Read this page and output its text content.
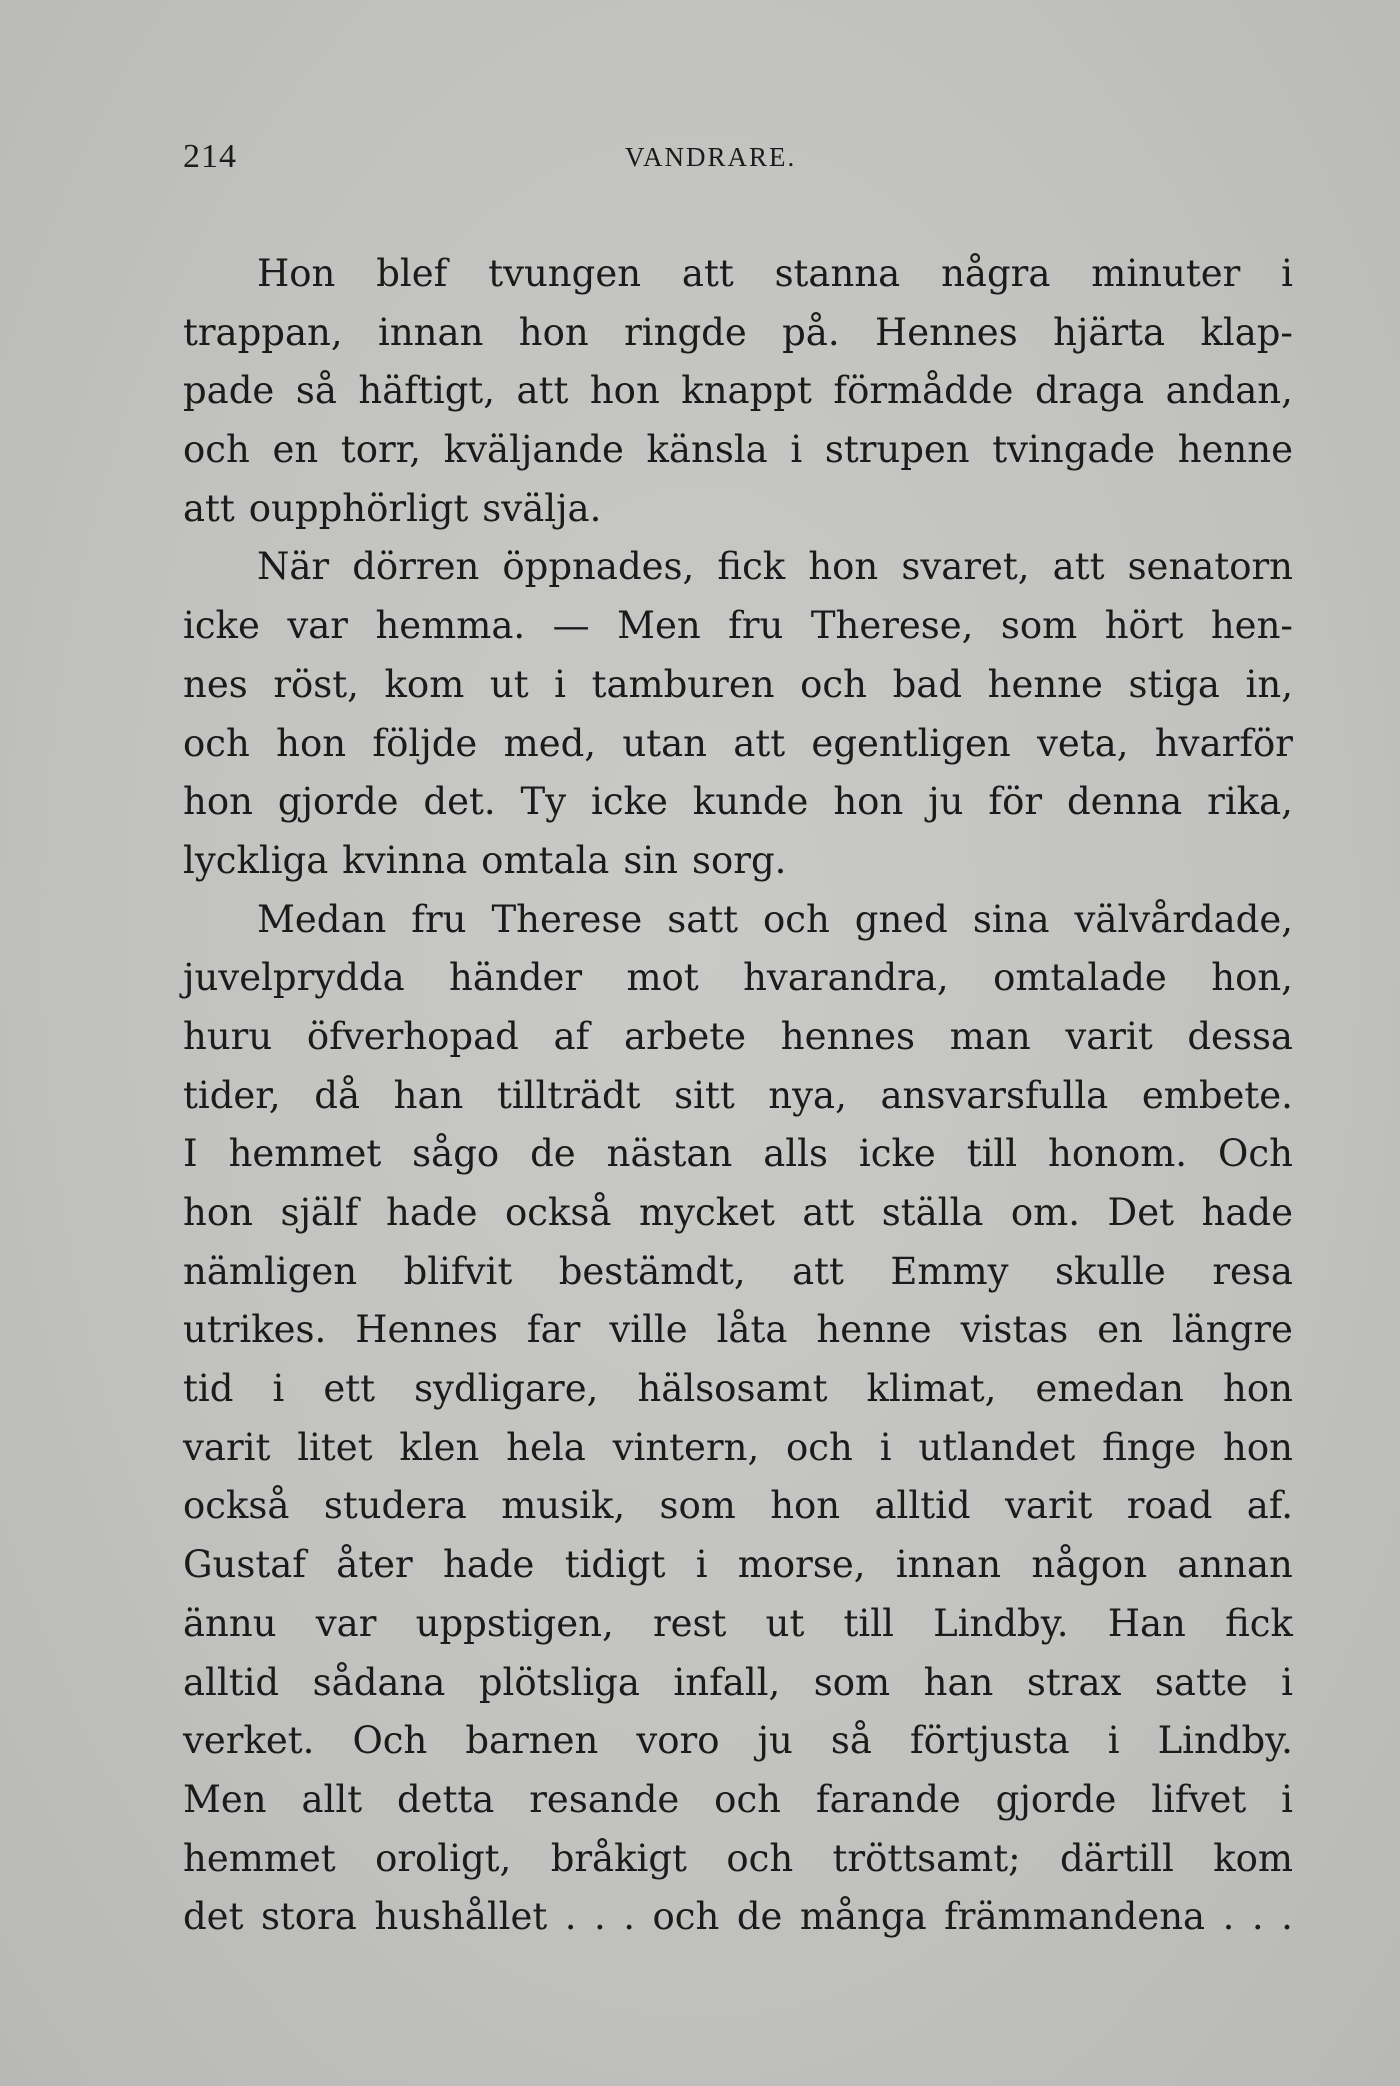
214	VANDRARE.
Hon blef tvungen att stanna några minuter i
trappan, innan hon ringde på. Hennes hjärta klap-
pade så häftigt, att hon knappt förmådde draga andan,
och en torr, kväljande känsla i strupen tvingade henne
att oupphörligt svälja.
När dörren öppnades, fick hon svaret, att senatorn
icke var hemma. — Men fru Therese, som hört hen-
nes röst, kom ut i tamburen och bad henne stiga in,
och hon följde med, utan att egentligen veta, hvarför
hon gjorde det. Ty icke kunde hon ju för denna rika,
lyckliga kvinna omtala sin sorg.
Medan fru Therese satt och gned sina välvårdade,
juvelprydda händer mot hvarandra, omtalade hon,
huru öfverhopad af arbete hennes man varit dessa
tider, då han tillträdt sitt nya, ansvarsfulla embete.
I hemmet sågo de nästan alls icke till honom. Och
hon själf hade också mycket att ställa om. Det hade
nämligen blifvit bestämdt, att Emmy skulle resa
utrikes. Hennes far ville låta henne vistas en längre
tid i ett sydligare, hälsosamt klimat, emedan hon
varit litet klen hela vintern, och i utlandet finge hon
också studera musik, som hon alltid varit road af.
Gustaf åter hade tidigt i morse, innan någon annan
ännu var uppstigen, rest ut till Lindby. Han fick
alltid sådana plötsliga infall, som han strax satte i
verket. Och barnen voro ju så förtjusta i Lindby.
Men allt detta resande och farande gjorde lifvet i
hemmet oroligt, bråkigt och tröttsamt; därtill kom
det stora hushållet . . . och de många främmandena . . .
